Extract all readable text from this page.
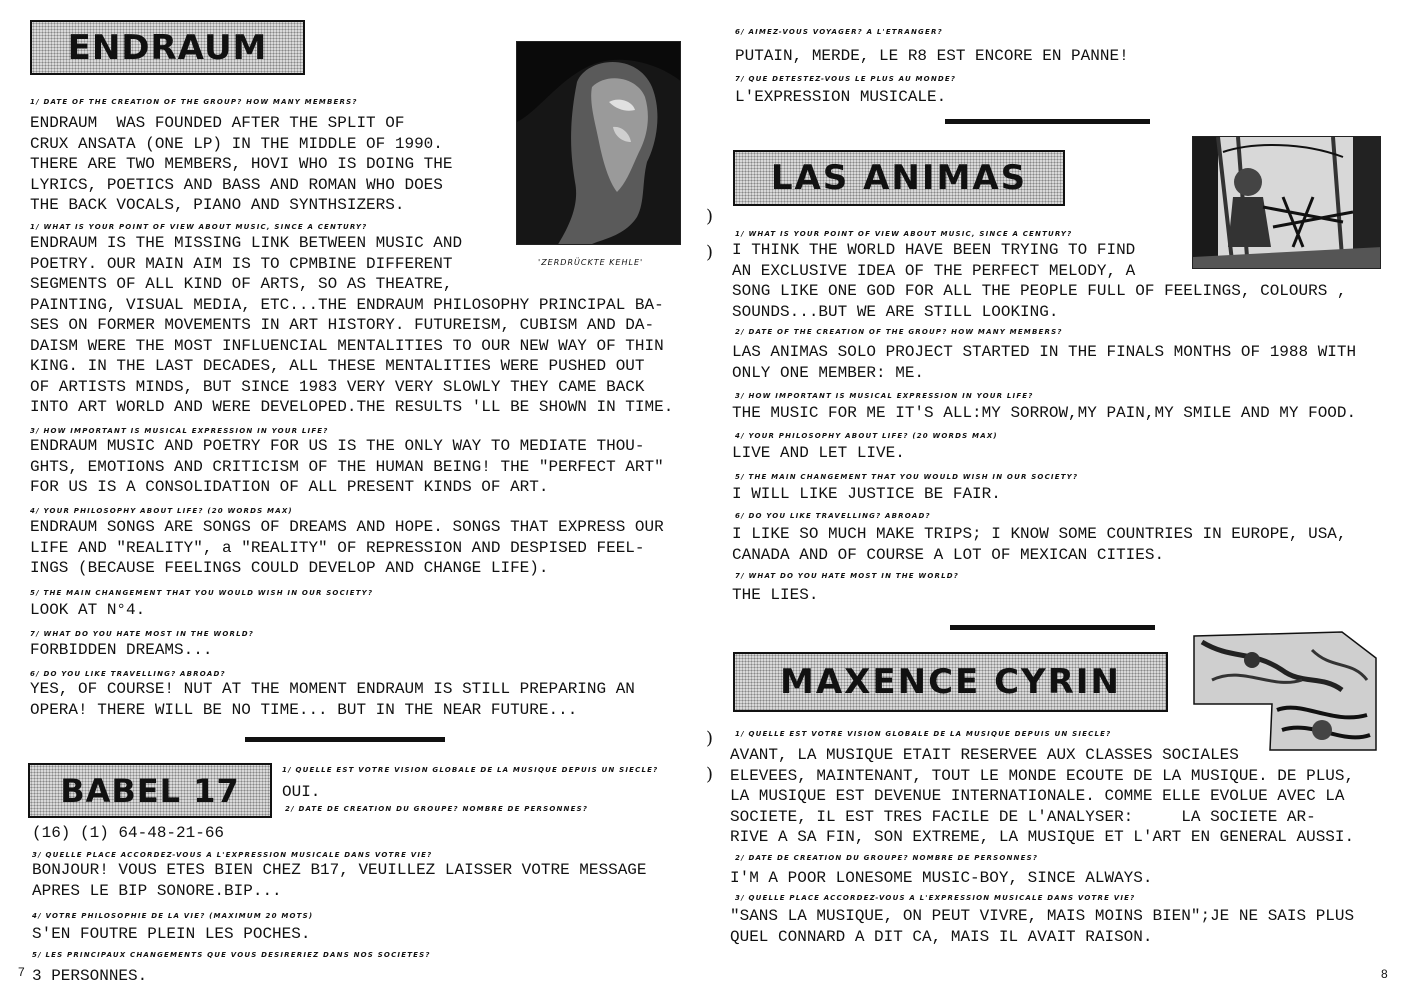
ENDRAUM
'ZERDRÜCKTE KEHLE'
1/ DATE OF THE CREATION OF THE GROUP? HOW MANY MEMBERS?
ENDRAUM  WAS FOUNDED AFTER THE SPLIT OF
CRUX ANSATA (ONE LP) IN THE MIDDLE OF 1990.
THERE ARE TWO MEMBERS, HOVI WHO IS DOING THE
LYRICS, POETICS AND BASS AND ROMAN WHO DOES
THE BACK VOCALS, PIANO AND SYNTHSIZERS.
1/ WHAT IS YOUR POINT OF VIEW ABOUT MUSIC, SINCE A CENTURY?
ENDRAUM IS THE MISSING LINK BETWEEN MUSIC AND
POETRY. OUR MAIN AIM IS TO CPMBINE DIFFERENT
SEGMENTS OF ALL KIND OF ARTS, SO AS THEATRE,
PAINTING, VISUAL MEDIA, ETC...THE ENDRAUM PHILOSOPHY PRINCIPAL BA-
SES ON FORMER MOVEMENTS IN ART HISTORY. FUTUREISM, CUBISM AND DA-
DAISM WERE THE MOST INFLUENCIAL MENTALITIES TO OUR NEW WAY OF THIN
KING. IN THE LAST DECADES, ALL THESE MENTALITIES WERE PUSHED OUT
OF ARTISTS MINDS, BUT SINCE 1983 VERY VERY SLOWLY THEY CAME BACK
INTO ART WORLD AND WERE DEVELOPED.THE RESULTS 'LL BE SHOWN IN TIME.
3/ HOW IMPORTANT IS MUSICAL EXPRESSION IN YOUR LIFE?
ENDRAUM MUSIC AND POETRY FOR US IS THE ONLY WAY TO MEDIATE THOU-
GHTS, EMOTIONS AND CRITICISM OF THE HUMAN BEING! THE "PERFECT ART"
FOR US IS A CONSOLIDATION OF ALL PRESENT KINDS OF ART.
4/ YOUR PHILOSOPHY ABOUT LIFE? (20 WORDS MAX)
ENDRAUM SONGS ARE SONGS OF DREAMS AND HOPE. SONGS THAT EXPRESS OUR
LIFE AND "REALITY", a "REALITY" OF REPRESSION AND DESPISED FEEL-
INGS (BECAUSE FEELINGS COULD DEVELOP AND CHANGE LIFE).
5/ THE MAIN CHANGEMENT THAT YOU WOULD WISH IN OUR SOCIETY?
LOOK AT N°4.
7/ WHAT DO YOU HATE MOST IN THE WORLD?
FORBIDDEN DREAMS...
6/ DO YOU LIKE TRAVELLING? ABROAD?
YES, OF COURSE! NUT AT THE MOMENT ENDRAUM IS STILL PREPARING AN
OPERA! THERE WILL BE NO TIME... BUT IN THE NEAR FUTURE...
BABEL 17
1/ QUELLE EST VOTRE VISION GLOBALE DE LA MUSIQUE DEPUIS UN SIECLE?
OUI.
2/ DATE DE CREATION DU GROUPE? NOMBRE DE PERSONNES?
(16) (1) 64-48-21-66
3/ QUELLE PLACE ACCORDEZ-VOUS A L'EXPRESSION MUSICALE DANS VOTRE VIE?
BONJOUR! VOUS ETES BIEN CHEZ B17, VEUILLEZ LAISSER VOTRE MESSAGE
APRES LE BIP SONORE.BIP...
4/ VOTRE PHILOSOPHIE DE LA VIE? (MAXIMUM 20 MOTS)
S'EN FOUTRE PLEIN LES POCHES.
5/ LES PRINCIPAUX CHANGEMENTS QUE VOUS DESIRERIEZ DANS NOS SOCIETES?
3 PERSONNES.
7
)
)
)
)
6/ AIMEZ-VOUS VOYAGER? A L'ETRANGER?
PUTAIN, MERDE, LE R8 EST ENCORE EN PANNE!
7/ QUE DETESTEZ-VOUS LE PLUS AU MONDE?
L'EXPRESSION MUSICALE.
LAS ANIMAS
1/ WHAT IS YOUR POINT OF VIEW ABOUT MUSIC, SINCE A CENTURY?
I THINK THE WORLD HAVE BEEN TRYING TO FIND
AN EXCLUSIVE IDEA OF THE PERFECT MELODY, A
SONG LIKE ONE GOD FOR ALL THE PEOPLE FULL OF FEELINGS, COLOURS ,
SOUNDS...BUT WE ARE STILL LOOKING.
2/ DATE OF THE CREATION OF THE GROUP? HOW MANY MEMBERS?
LAS ANIMAS SOLO PROJECT STARTED IN THE FINALS MONTHS OF 1988 WITH
ONLY ONE MEMBER: ME.
3/ HOW IMPORTANT IS MUSICAL EXPRESSION IN YOUR LIFE?
THE MUSIC FOR ME IT'S ALL:MY SORROW,MY PAIN,MY SMILE AND MY FOOD.
4/ YOUR PHILOSOPHY ABOUT LIFE? (20 WORDS MAX)
LIVE AND LET LIVE.
5/ THE MAIN CHANGEMENT THAT YOU WOULD WISH IN OUR SOCIETY?
I WILL LIKE JUSTICE BE FAIR.
6/ DO YOU LIKE TRAVELLING? ABROAD?
I LIKE SO MUCH MAKE TRIPS; I KNOW SOME COUNTRIES IN EUROPE, USA,
CANADA AND OF COURSE A LOT OF MEXICAN CITIES.
7/ WHAT DO YOU HATE MOST IN THE WORLD?
THE LIES.
MAXENCE CYRIN
1/ QUELLE EST VOTRE VISION GLOBALE DE LA MUSIQUE DEPUIS UN SIECLE?
AVANT, LA MUSIQUE ETAIT RESERVEE AUX CLASSES SOCIALES
ELEVEES, MAINTENANT, TOUT LE MONDE ECOUTE DE LA MUSIQUE. DE PLUS,
LA MUSIQUE EST DEVENUE INTERNATIONALE. COMME ELLE EVOLUE AVEC LA
SOCIETE, IL EST TRES FACILE DE L'ANALYSER:     LA SOCIETE AR-
RIVE A SA FIN, SON EXTREME, LA MUSIQUE ET L'ART EN GENERAL AUSSI.
2/ DATE DE CREATION DU GROUPE? NOMBRE DE PERSONNES?
I'M A POOR LONESOME MUSIC-BOY, SINCE ALWAYS.
3/ QUELLE PLACE ACCORDEZ-VOUS A L'EXPRESSION MUSICALE DANS VOTRE VIE?
"SANS LA MUSIQUE, ON PEUT VIVRE, MAIS MOINS BIEN";JE NE SAIS PLUS
QUEL CONNARD A DIT CA, MAIS IL AVAIT RAISON.
8
